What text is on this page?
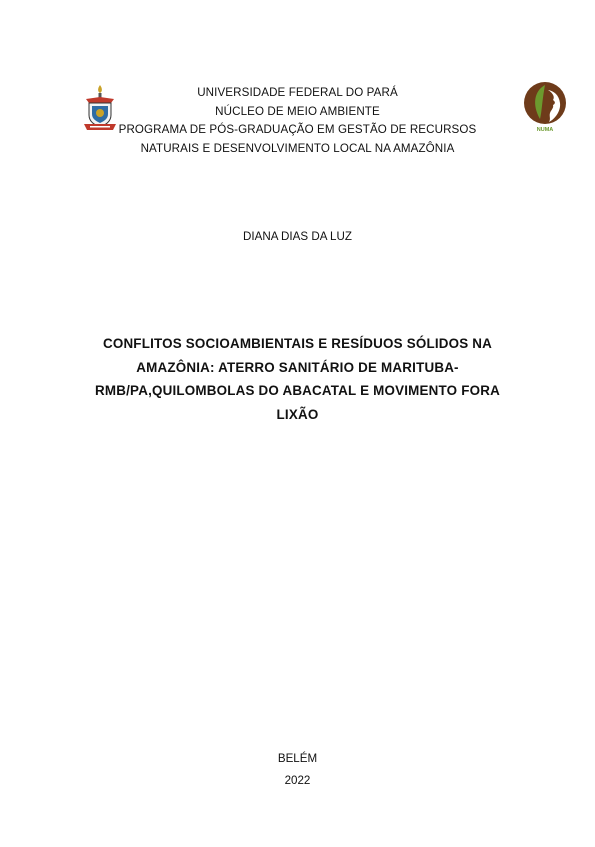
NUMA
UNIVERSIDADE FEDERAL DO PARÁ
NÚCLEO DE MEIO AMBIENTE
PROGRAMA DE PÓS-GRADUAÇÃO EM GESTÃO DE RECURSOS
NATURAIS E DESENVOLVIMENTO LOCAL NA AMAZÔNIA
DIANA DIAS DA LUZ
CONFLITOS SOCIOAMBIENTAIS E RESÍDUOS SÓLIDOS NA
AMAZÔNIA: ATERRO SANITÁRIO DE MARITUBA-
RMB/PA,QUILOMBOLAS DO ABACATAL E MOVIMENTO FORA
LIXÃO
BELÉM
2022
